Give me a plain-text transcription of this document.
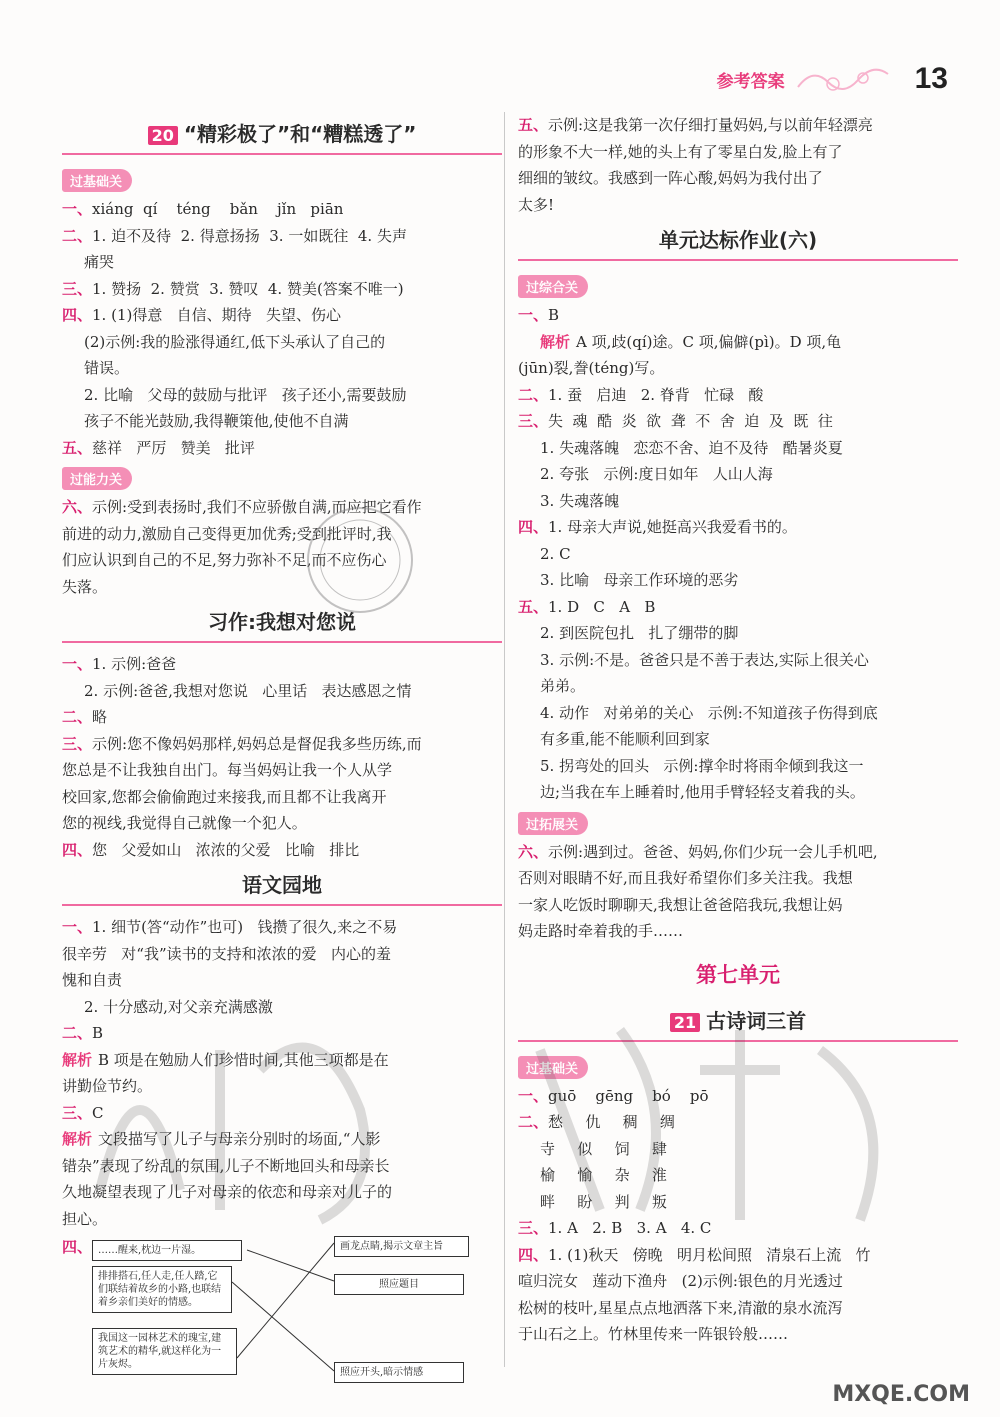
参考答案	13
20 “精彩极了”和“糟糕透了”
过基础关
一、xiáng  qí    téng    bǎn    jǐn   piān
二、1. 迫不及待  2. 得意扬扬  3. 一如既往  4. 失声
痛哭
三、1. 赞扬  2. 赞赏  3. 赞叹  4. 赞美(答案不唯一)
四、1. (1)得意   自信、期待   失望、伤心
(2)示例:我的脸涨得通红,低下头承认了自己的
错误。
2. 比喻   父母的鼓励与批评   孩子还小,需要鼓励
孩子不能光鼓励,我得鞭策他,使他不自满
五、慈祥   严厉   赞美   批评
过能力关
六、示例:受到表扬时,我们不应骄傲自满,而应把它看作
前进的动力,激励自己变得更加优秀;受到批评时,我
们应认识到自己的不足,努力弥补不足,而不应伤心
失落。
习作:我想对您说
一、1. 示例:爸爸
2. 示例:爸爸,我想对您说   心里话   表达感恩之情
二、略
三、示例:您不像妈妈那样,妈妈总是督促我多些历练,而
您总是不让我独自出门。每当妈妈让我一个人从学
校回家,您都会偷偷跑过来接我,而且都不让我离开
您的视线,我觉得自己就像一个犯人。
四、您   父爱如山   浓浓的父爱   比喻   排比
语文园地
一、1. 细节(答“动作”也可)   钱攒了很久,来之不易
很辛劳   对“我”读书的支持和浓浓的爱   内心的羞
愧和自责
2. 十分感动,对父亲充满感激
二、B
解析 B 项是在勉励人们珍惜时间,其他三项都是在
讲勤俭节约。
三、C
解析 文段描写了儿子与母亲分别时的场面,“人影
错杂”表现了纷乱的氛围,儿子不断地回头和母亲长
久地凝望表现了儿子对母亲的依恋和母亲对儿子的
担心。
四、 ……醒来,枕边一片湿。
排排搭石,任人走,任人踏,它们联结着故乡的小路,也联结着乡亲们美好的情感。
我国这一园林艺术的瑰宝,建筑艺术的精华,就这样化为一片灰烬。
画龙点睛,揭示文章主旨
照应题目
照应开头,暗示情感
五、示例:这是我第一次仔细打量妈妈,与以前年轻漂亮
的形象不大一样,她的头上有了零星白发,脸上有了
细细的皱纹。我感到一阵心酸,妈妈为我付出了
太多!
单元达标作业(六)
过综合关
一、B
解析 A 项,歧(qí)途。C 项,偏僻(pì)。D 项,龟
(jūn)裂,誊(téng)写。
二、1. 蚕   启迪   2. 脊背   忙碌   酸
三、失  魂  酷  炎  欲  聋  不  舍  迫  及  既  往
1. 失魂落魄   恋恋不舍、迫不及待   酷暑炎夏
2. 夸张   示例:度日如年   人山人海
3. 失魂落魄
四、1. 母亲大声说,她挺高兴我爱看书的。
2. C
3. 比喻   母亲工作环境的恶劣
五、1. D   C   A   B
2. 到医院包扎   扎了绷带的脚
3. 示例:不是。爸爸只是不善于表达,实际上很关心
弟弟。
4. 动作   对弟弟的关心   示例:不知道孩子伤得到底
有多重,能不能顺利回到家
5. 拐弯处的回头   示例:撑伞时将雨伞倾到我这一
边;当我在车上睡着时,他用手臂轻轻支着我的头。
过拓展关
六、示例:遇到过。爸爸、妈妈,你们少玩一会儿手机吧,
否则对眼睛不好,而且我好希望你们多关注我。我想
一家人吃饭时聊聊天,我想让爸爸陪我玩,我想让妈
妈走路时牵着我的手……
第七单元
21 古诗词三首
过基础关
一、guō    gēng    bó    pō
二、愁   仇   稠   绸
寺   似   饲   肆
榆   愉   杂   淮
畔   盼   判   叛
三、1. A   2. B   3. A   4. C
四、1. (1)秋天   傍晚   明月松间照   清泉石上流   竹
喧归浣女   莲动下渔舟   (2)示例:银色的月光透过
松树的枝叶,星星点点地洒落下来,清澈的泉水流泻
于山石之上。竹林里传来一阵银铃般……
MXQE.COM
